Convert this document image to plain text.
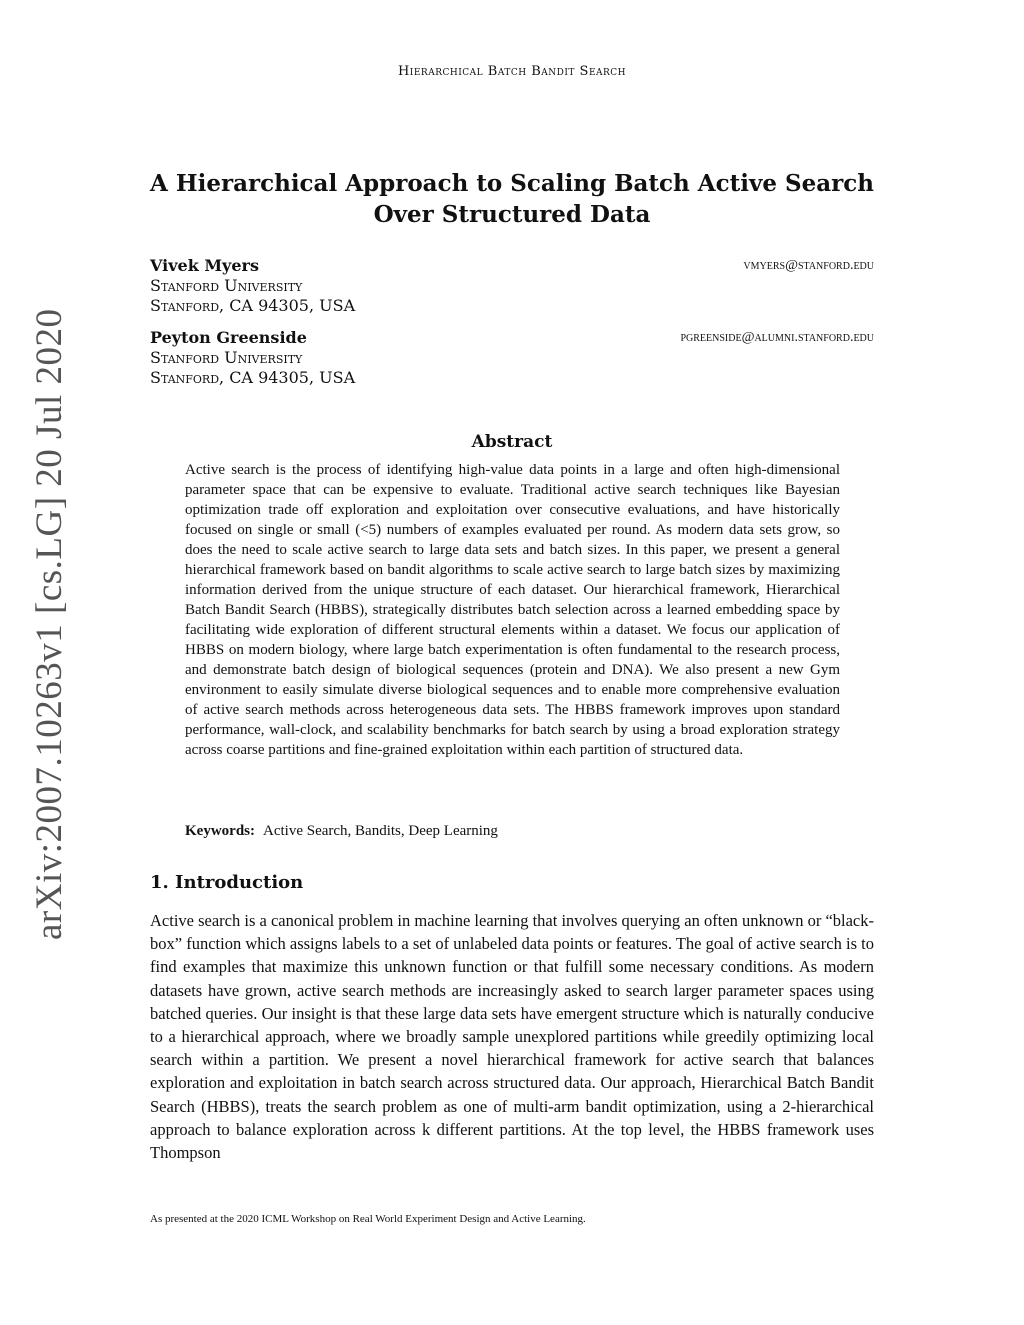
Hierarchical Batch Bandit Search
arXiv:2007.10263v1 [cs.LG] 20 Jul 2020
A Hierarchical Approach to Scaling Batch Active Search
Over Structured Data
Vivek Myers
Stanford University
Stanford, CA 94305, USA
vmyers@stanford.edu
Peyton Greenside
Stanford University
Stanford, CA 94305, USA
pgreenside@alumni.stanford.edu
Abstract
Active search is the process of identifying high-value data points in a large and often high-dimensional parameter space that can be expensive to evaluate. Traditional active search techniques like Bayesian optimization trade off exploration and exploitation over consecutive evaluations, and have historically focused on single or small (<5) numbers of examples evaluated per round. As modern data sets grow, so does the need to scale active search to large data sets and batch sizes. In this paper, we present a general hierarchical framework based on bandit algorithms to scale active search to large batch sizes by maximizing information derived from the unique structure of each dataset. Our hierarchical framework, Hierarchical Batch Bandit Search (HBBS), strategically distributes batch selection across a learned embedding space by facilitating wide exploration of different structural elements within a dataset. We focus our application of HBBS on modern biology, where large batch experimentation is often fundamental to the research process, and demonstrate batch design of biological sequences (protein and DNA). We also present a new Gym environment to easily simulate diverse biological sequences and to enable more comprehensive evaluation of active search methods across heterogeneous data sets. The HBBS framework improves upon standard performance, wall-clock, and scalability benchmarks for batch search by using a broad exploration strategy across coarse partitions and fine-grained exploitation within each partition of structured data.
Keywords: Active Search, Bandits, Deep Learning
1. Introduction
Active search is a canonical problem in machine learning that involves querying an often unknown or “black-box” function which assigns labels to a set of unlabeled data points or features. The goal of active search is to find examples that maximize this unknown function or that fulfill some necessary conditions. As modern datasets have grown, active search methods are increasingly asked to search larger parameter spaces using batched queries. Our insight is that these large data sets have emergent structure which is naturally conducive to a hierarchical approach, where we broadly sample unexplored partitions while greedily optimizing local search within a partition. We present a novel hierarchical framework for active search that balances exploration and exploitation in batch search across structured data. Our approach, Hierarchical Batch Bandit Search (HBBS), treats the search problem as one of multi-arm bandit optimization, using a 2-hierarchical approach to balance exploration across k different partitions. At the top level, the HBBS framework uses Thompson
As presented at the 2020 ICML Workshop on Real World Experiment Design and Active Learning.
